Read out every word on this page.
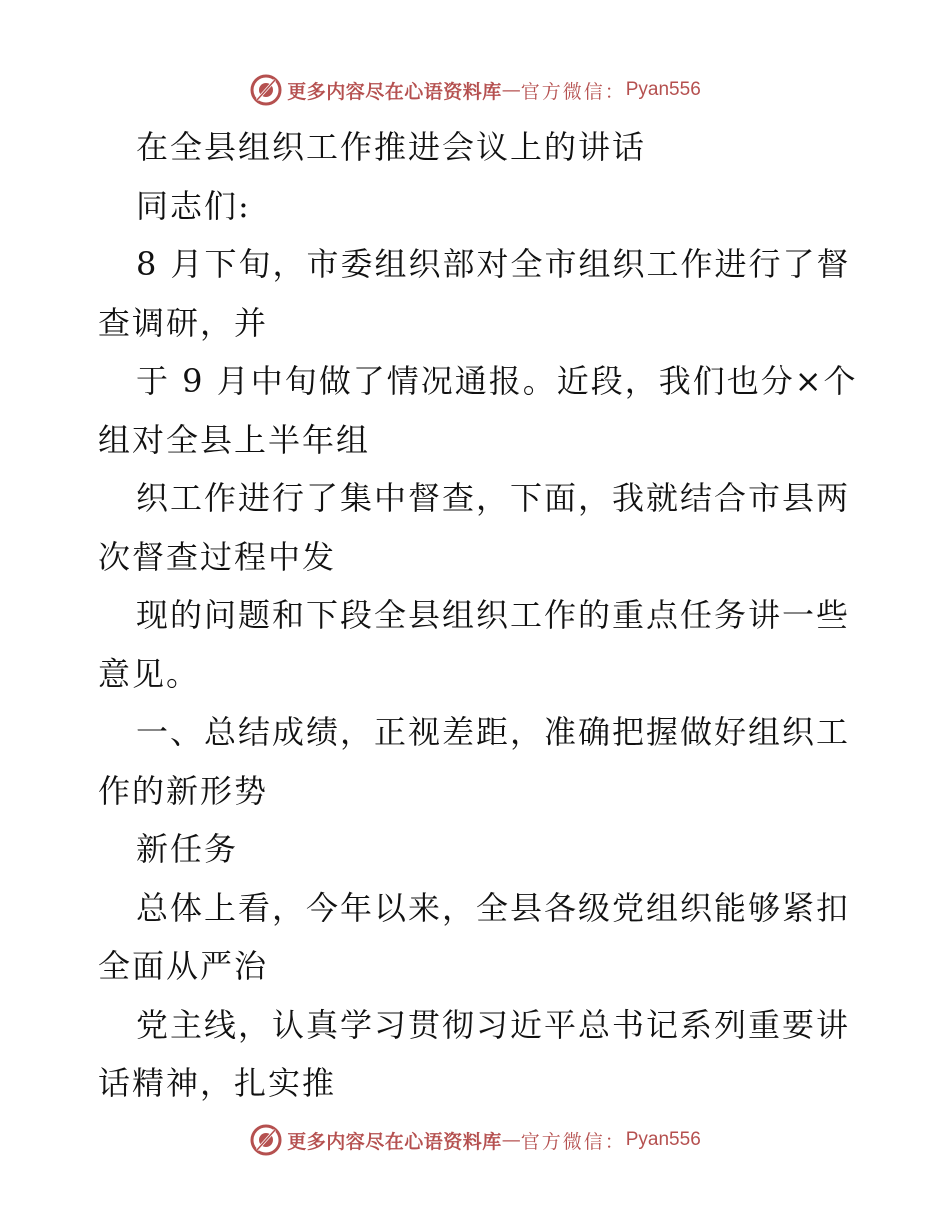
更多内容尽在心语资料库 — 官方微信： Pyan556
在全县组织工作推进会议上的讲话
同志们:
8 月下旬，市委组织部对全市组织工作进行了督
查调研，并
于 9 月中旬做了情况通报。近段，我们也分×个
组对全县上半年组
织工作进行了集中督查，下面，我就结合市县两
次督查过程中发
现的问题和下段全县组织工作的重点任务讲一些
意见。
一、总结成绩，正视差距，准确把握做好组织工
作的新形势
新任务
总体上看，今年以来，全县各级党组织能够紧扣
全面从严治
党主线，认真学习贯彻习近平总书记系列重要讲
话精神，扎实推
更多内容尽在心语资料库 — 官方微信： Pyan556
